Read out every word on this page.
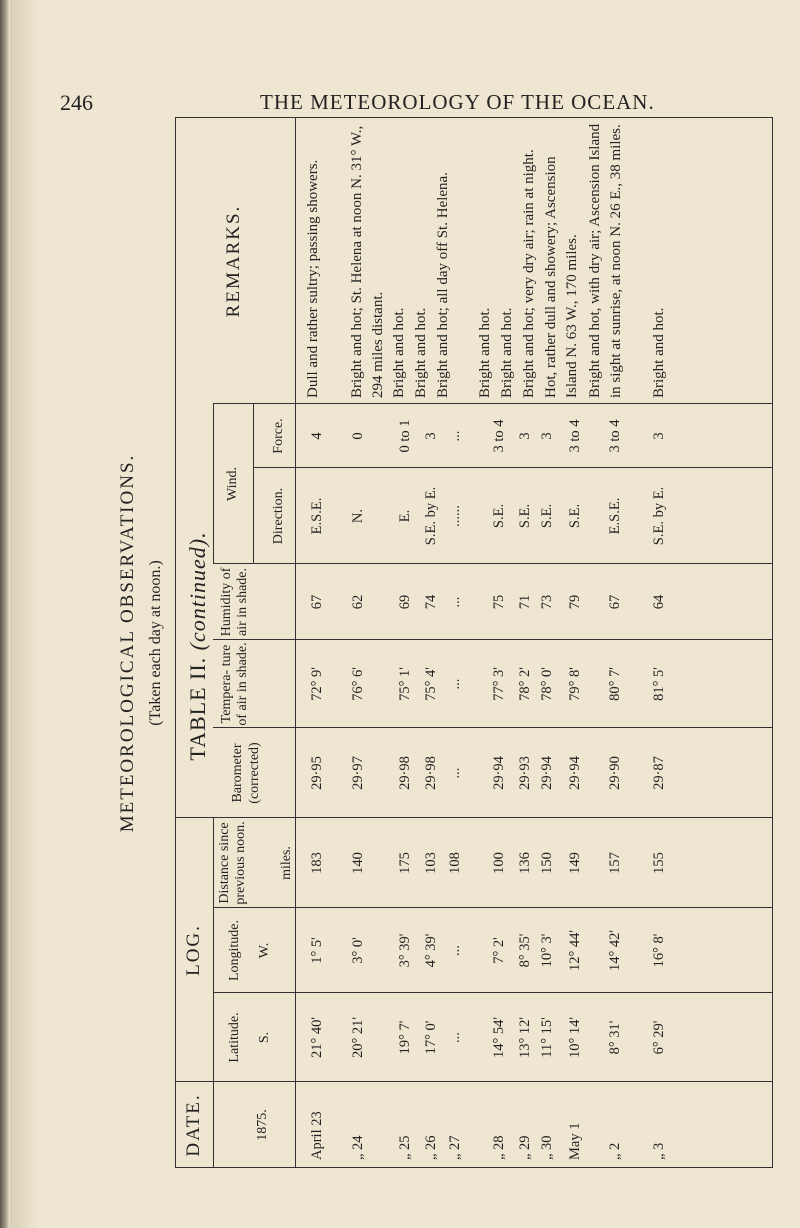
246	THE METEOROLOGY OF THE OCEAN.
TABLE II. (continued).
DATE.
LOG.
REMARKS.
Wind.
1875.
Latitude. S.
Longitude. W.
Distance since previous noon. miles.
Barometer (corrected)
Tempera- ture of air in shade.
Humidity of air in shade.
Direction.
Force.
METEOROLOGICAL OBSERVATIONS. (Taken each day at noon.)
April 23
21° 40'
1° 5'
183
29·95
72° 9'
67
E.S.E.
4
„ 24
20° 21'
3° 0'
140
29·97
76° 6'
62
N.
0
„ 25
19° 7'
3° 39'
175
29·98
75° 1'
69
E.
0 to 1
„ 26
17° 0'
4° 39'
103
29·98
75° 4'
74
S.E. by E.
3
„ 27
...
...
108
...
...
...
......
...
„ 28
14° 54'
7° 2'
100
29·94
77° 3'
75
S.E.
3 to 4
„ 29
13° 12'
8° 35'
136
29·93
78° 2'
71
S.E.
3
„ 30
11° 15'
10° 3'
150
29·94
78° 0'
73
S.E.
3
May 1
10° 14'
12° 44'
149
29·94
79° 8'
79
S.E.
3 to 4
„ 2
8° 31'
14° 42'
157
29·90
80° 7'
67
E.S.E.
3 to 4
„ 3
6° 29'
16° 8'
155
29·87
81° 5'
64
S.E. by E.
3
Dull and rather sultry; passing showers. Bright and hot; St. Helena at noon N. 31° W., 294 miles distant. Bright and hot. Bright and hot. Bright and hot; all day off St. Helena. Bright and hot. Bright and hot. Bright and hot; very dry air; rain at night. Hot, rather dull and showery; Ascension Island N. 63 W., 170 miles. Bright and hot, with dry air; Ascension Island in sight at sunrise, at noon N. 26 E., 38 miles. Bright and hot.
